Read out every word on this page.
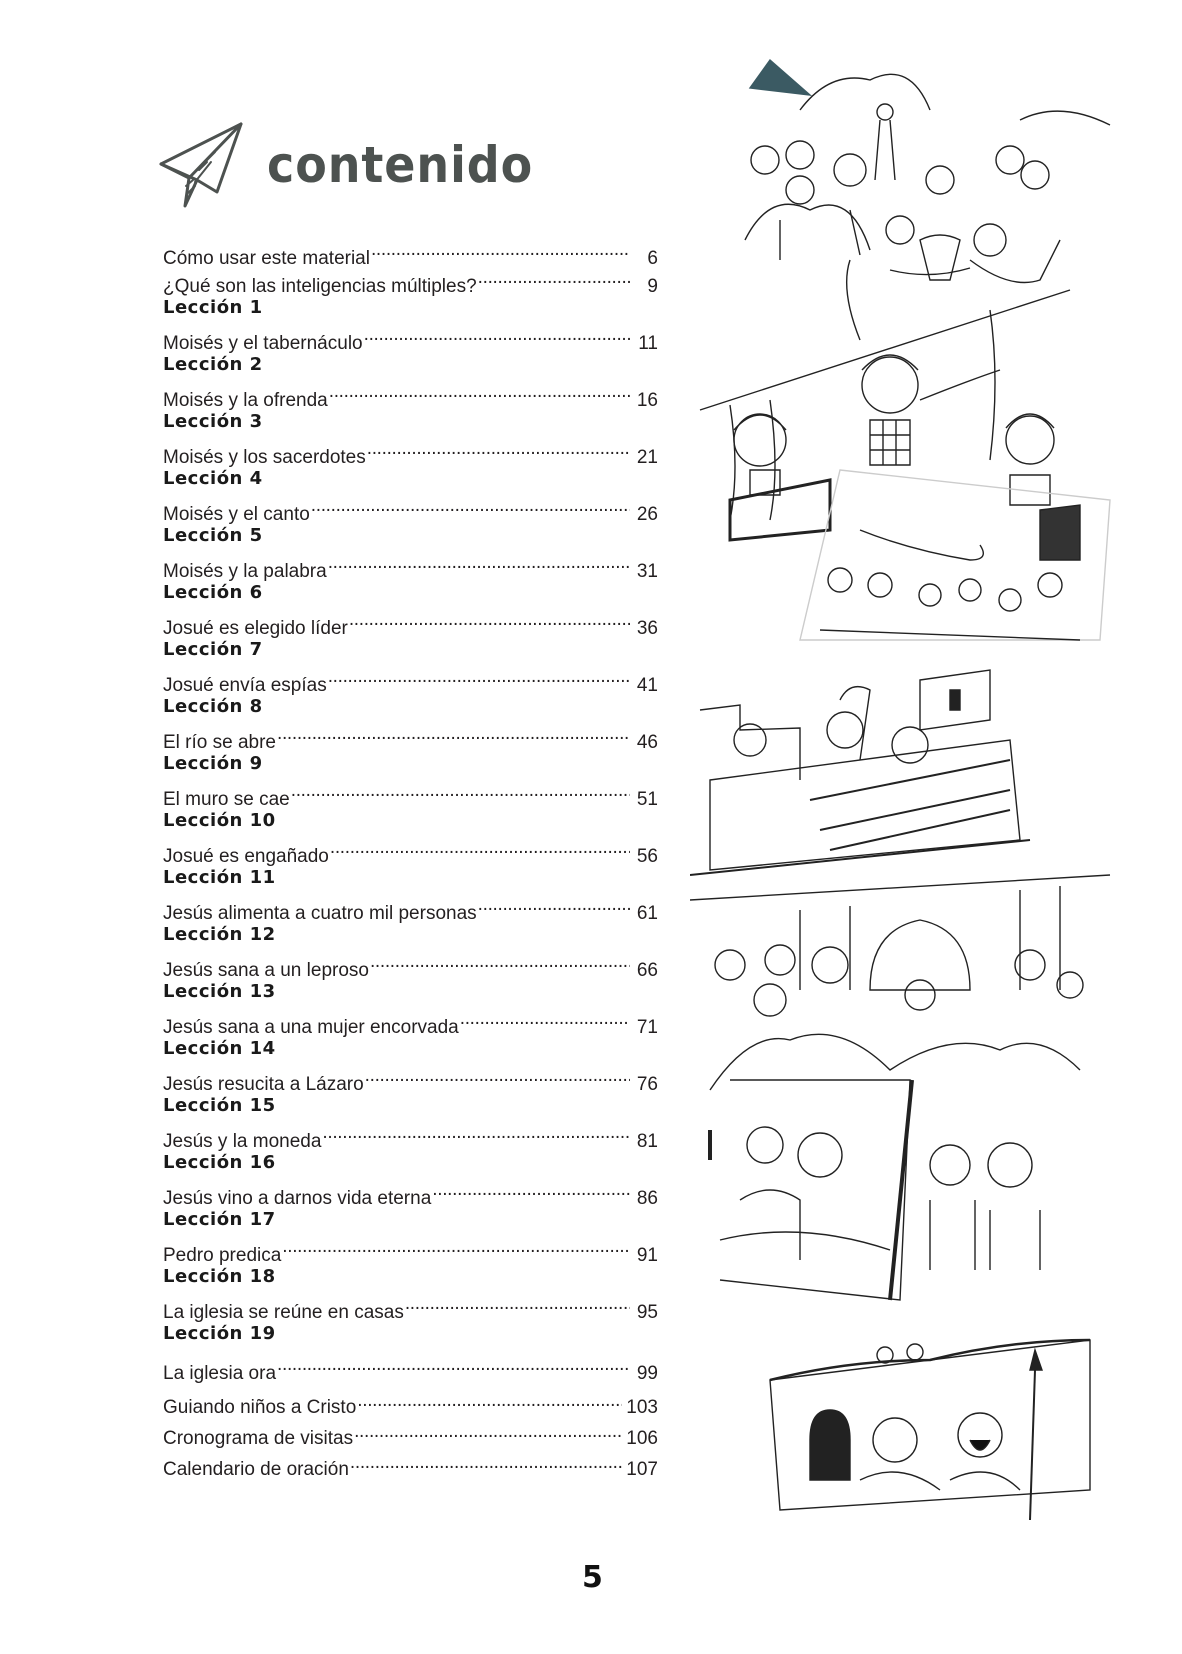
contenido
Cómo usar este material . . .	6
¿Qué son las inteligencias múltiples? . . .	9
Lección 1
Moisés y el tabernáculo . . .	11
Lección 2
Moisés y la ofrenda . . .	16
Lección 3
Moisés y los sacerdotes . . .	21
Lección 4
Moisés y el canto . . .	26
Lección 5
Moisés y la palabra . . .	31
Lección 6
Josué es elegido líder . . .	36
Lección 7
Josué envía espías . . .	41
Lección 8
El río se abre . . .	46
Lección 9
El muro se cae . . .	51
Lección 10
Josué es engañado . . .	56
Lección 11
Jesús alimenta a cuatro mil personas . . .	61
Lección 12
Jesús sana a un leproso . . .	66
Lección 13
Jesús sana a una mujer encorvada . . .	71
Lección 14
Jesús resucita a Lázaro . . .	76
Lección 15
Jesús y la moneda . . .	81
Lección 16
Jesús vino a darnos vida eterna . . .	86
Lección 17
Pedro predica . . .	91
Lección 18
La iglesia se reúne en casas . . .	95
Lección 19
La iglesia ora . . .	99
Guiando niños a Cristo . . .	103
Cronograma de visitas . . .	106
Calendario de oración . . .	107
5
